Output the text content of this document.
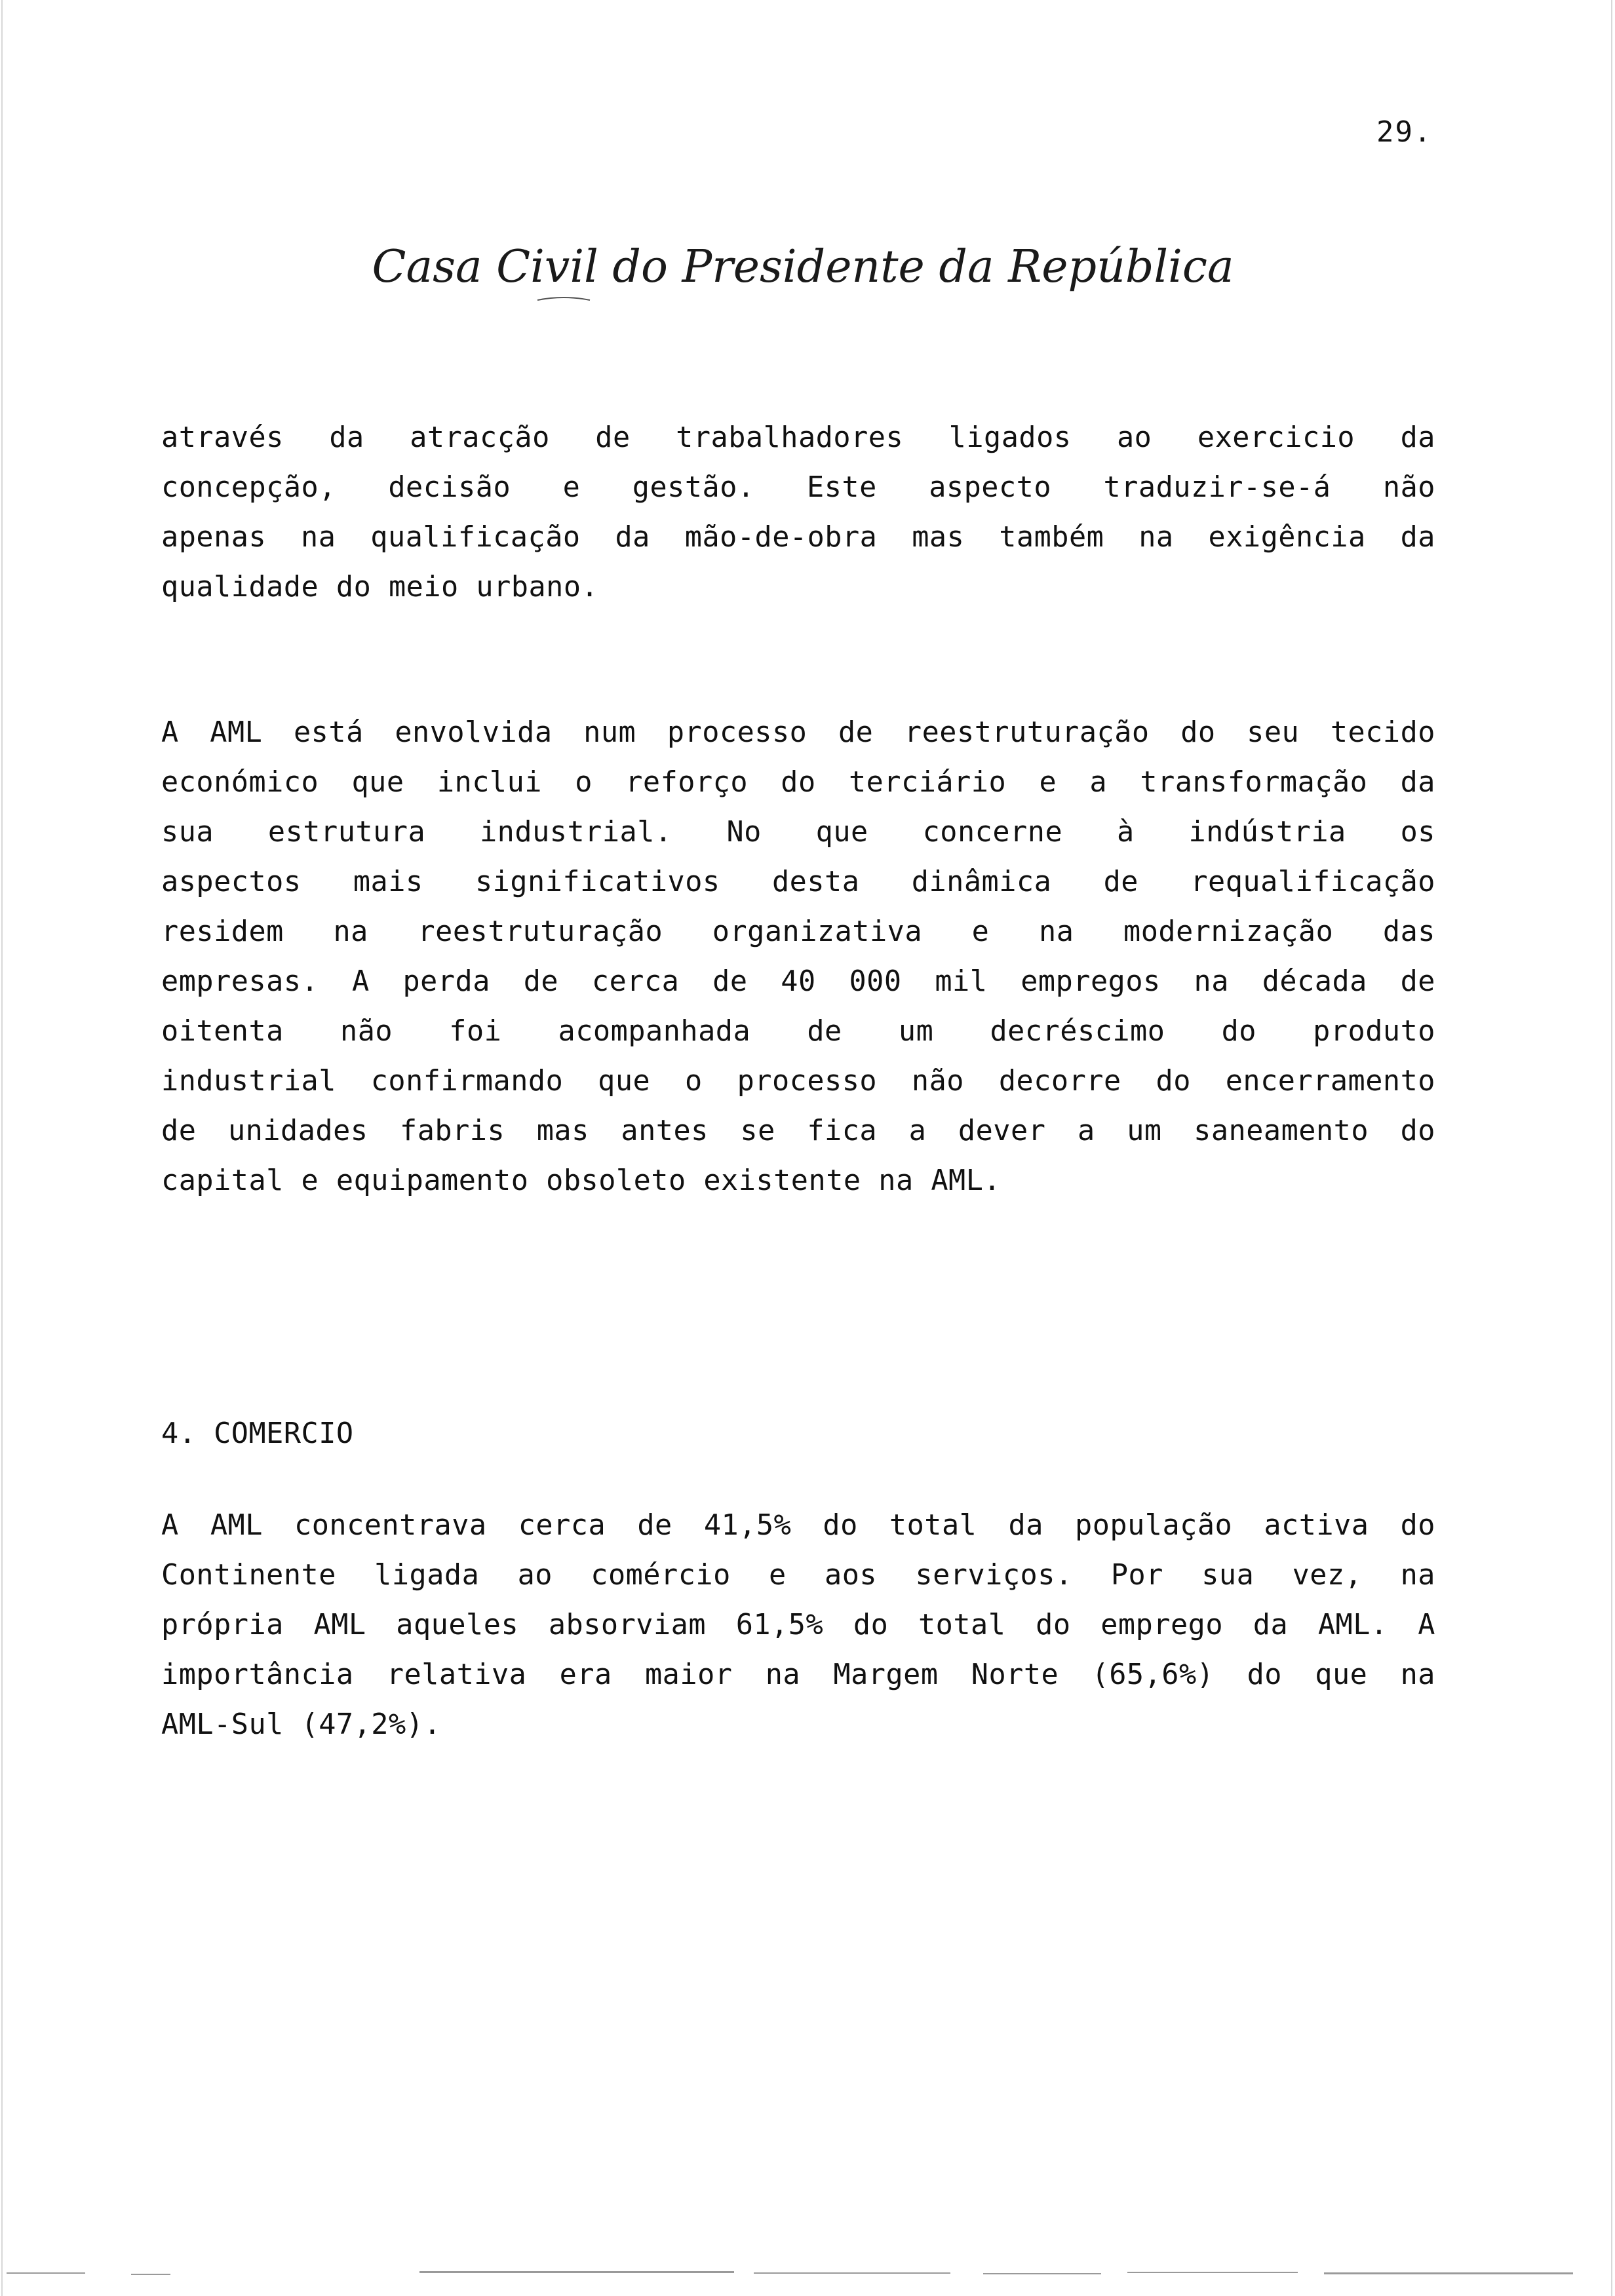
29.
Casa Civil do Presidente da República
através da atracção de trabalhadores ligados ao exercicio da
concepção, decisão e gestão. Este aspecto traduzir-se-á não
apenas na qualificação da mão-de-obra mas também na exigência da
qualidade do meio urbano.
A AML está envolvida num processo de reestruturação do seu tecido
económico que inclui o reforço do terciário e a transformação da
sua estrutura industrial. No que concerne à indústria os
aspectos mais significativos desta dinâmica de requalificação
residem na reestruturação organizativa e na modernização das
empresas. A perda de cerca de 40 000 mil empregos na década de
oitenta não foi acompanhada de um decréscimo do produto
industrial confirmando que o processo não decorre do encerramento
de unidades fabris mas antes se fica a dever a um saneamento do
capital e equipamento obsoleto existente na AML.
4. COMERCIO
A AML concentrava cerca de 41,5% do total da população activa do
Continente ligada ao comércio e aos serviços. Por sua vez, na
própria AML aqueles absorviam 61,5% do total do emprego da AML. A
importância relativa era maior na Margem Norte (65,6%) do que na
AML-Sul (47,2%).
